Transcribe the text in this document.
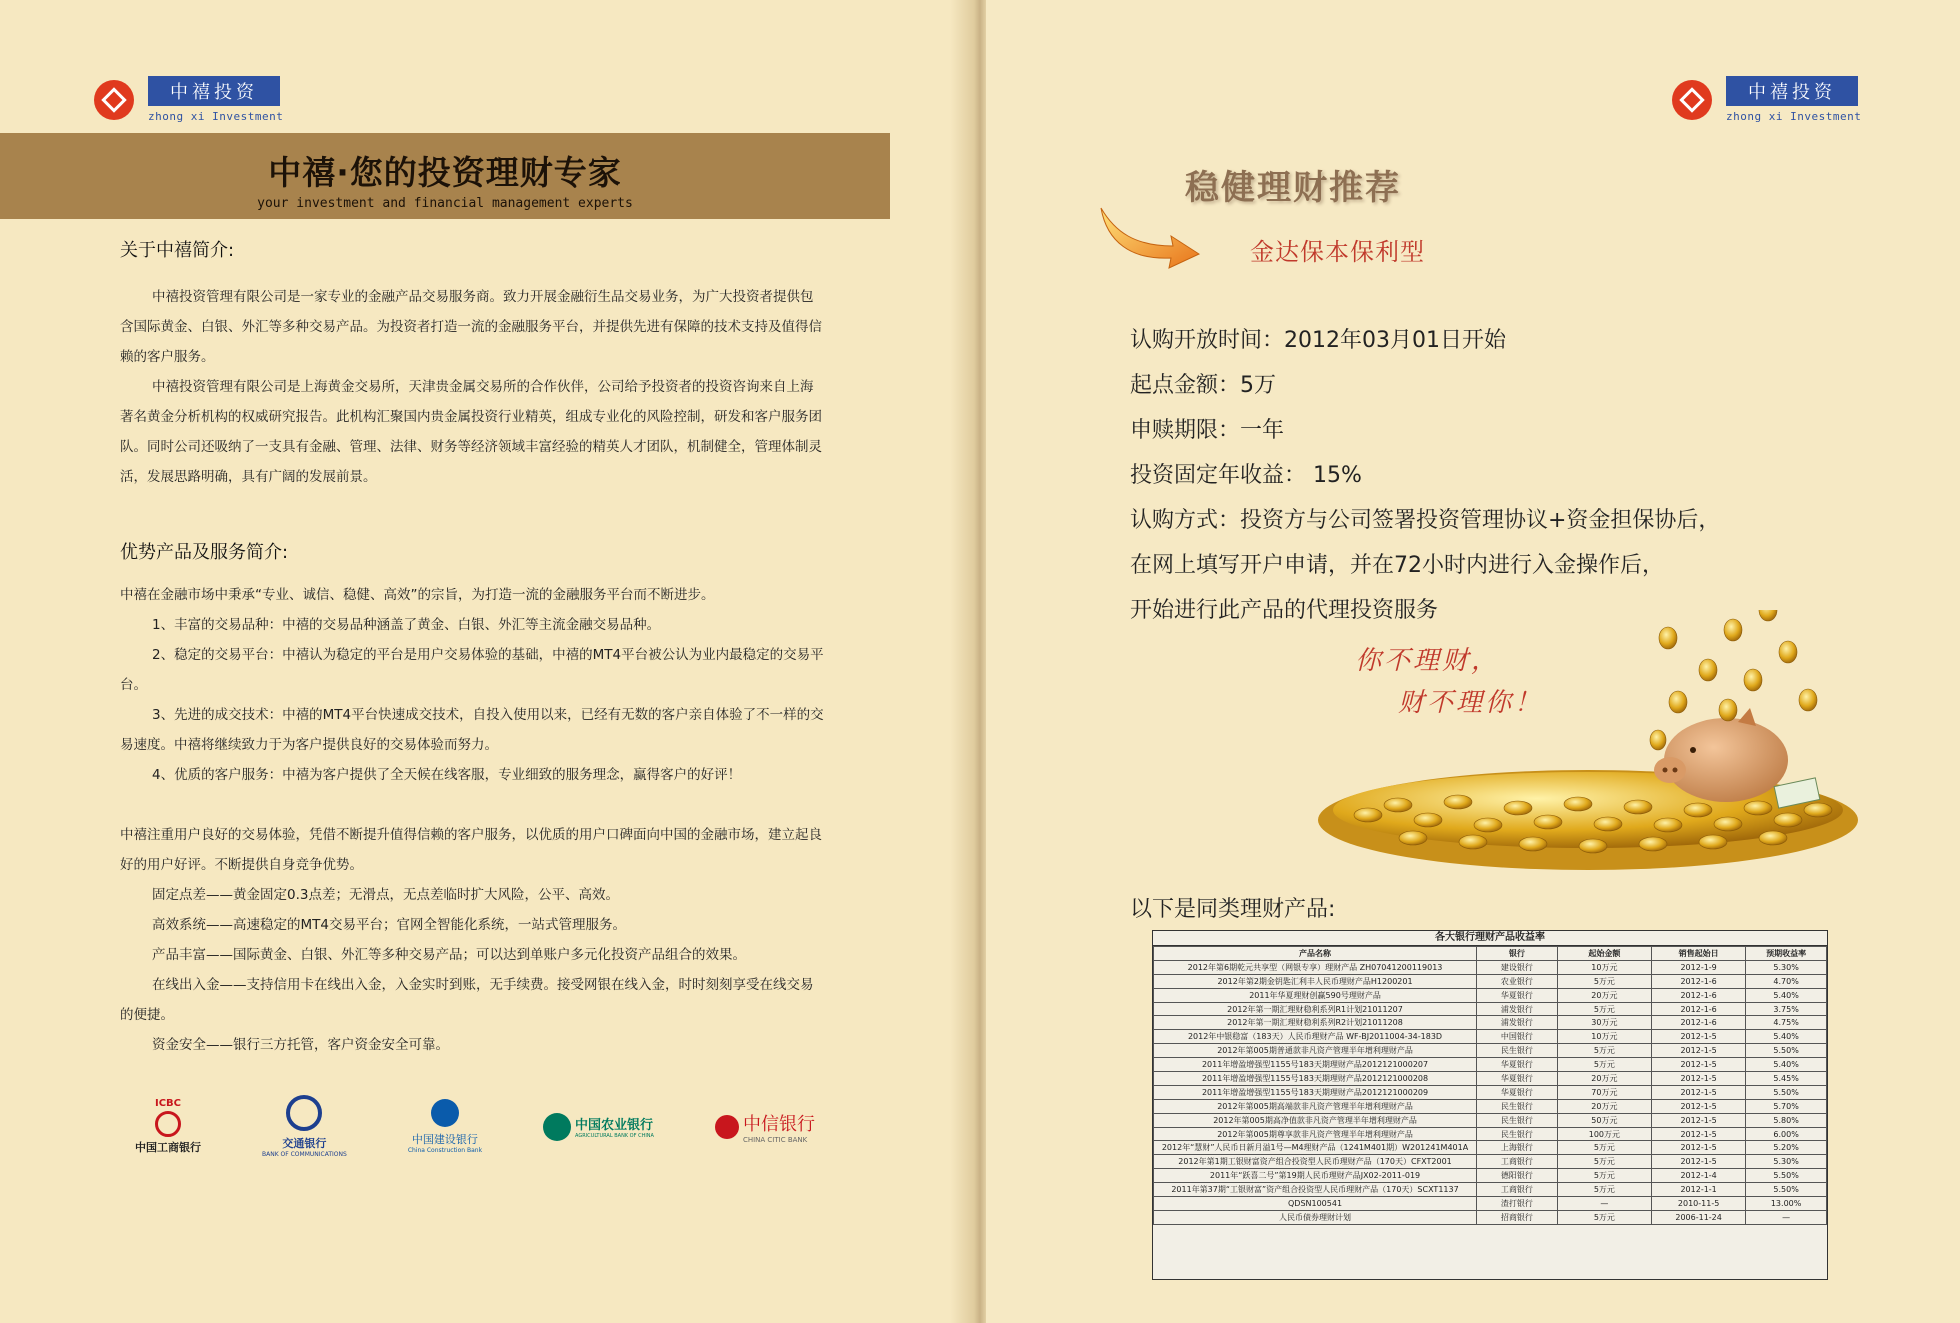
中禧投资
zhong xi Investment
中禧·您的投资理财专家
your investment and financial management experts
关于中禧简介:

中禧投资管理有限公司是一家专业的金融产品交易服务商。致力开展金融衍生品交易业务，为广大投资者提供包含国际黄金、白银、外汇等多种交易产品。为投资者打造一流的金融服务平台，并提供先进有保障的技术支持及值得信赖的客户服务。

中禧投资管理有限公司是上海黄金交易所，天津贵金属交易所的合作伙伴，公司给予投资者的投资咨询来自上海著名黄金分析机构的权威研究报告。此机构汇聚国内贵金属投资行业精英，组成专业化的风险控制，研发和客户服务团队。同时公司还吸纳了一支具有金融、管理、法律、财务等经济领域丰富经验的精英人才团队，机制健全，管理体制灵活，发展思路明确，具有广阔的发展前景。

优势产品及服务简介:

中禧在金融市场中秉承“专业、诚信、稳健、高效”的宗旨，为打造一流的金融服务平台而不断进步。

1、丰富的交易品种：中禧的交易品种涵盖了黄金、白银、外汇等主流金融交易品种。

2、稳定的交易平台：中禧认为稳定的平台是用户交易体验的基础，中禧的MT4平台被公认为业内最稳定的交易平台。

3、先进的成交技术：中禧的MT4平台快速成交技术，自投入使用以来，已经有无数的客户亲自体验了不一样的交易速度。中禧将继续致力于为客户提供良好的交易体验而努力。

4、优质的客户服务：中禧为客户提供了全天候在线客服，专业细致的服务理念，赢得客户的好评！

中禧注重用户良好的交易体验，凭借不断提升值得信赖的客户服务，以优质的用户口碑面向中国的金融市场，建立起良好的用户好评。不断提供自身竞争优势。

固定点差——黄金固定0.3点差；无滑点，无点差临时扩大风险，公平、高效。

高效系统——高速稳定的MT4交易平台；官网全智能化系统，一站式管理服务。

产品丰富——国际黄金、白银、外汇等多种交易产品；可以达到单账户多元化投资产品组合的效果。

在线出入金——支持信用卡在线出入金，入金实时到账，无手续费。接受网银在线入金，时时刻刻享受在线交易的便捷。

资金安全——银行三方托管，客户资金安全可靠。

ICBC
中国工商银行	交通银行
BANK OF COMMUNICATIONS
中国建设银行
China Construction Bank
中国农业银行
AGRICULTURAL BANK OF CHINA
中信银行
CHINA CITIC BANK
中禧投资
zhong xi Investment
稳健理财推荐
金达保本保利型
认购开放时间：2012年03月01日开始
起点金额：5万
申赎期限：一年
投资固定年收益： 15%
认购方式：投资方与公司签署投资管理协议+资金担保协后，
在网上填写开户申请，并在72小时内进行入金操作后，
开始进行此产品的代理投资服务
你不理财，
财不理你！
以下是同类理财产品:
各大银行理财产品收益率
产品名称	银行	起始金额	销售起始日	预期收益率
2012年第6期乾元共享型（网银专享）理财产品 ZH07041200119013	建设银行	10万元	2012-1-9	5.30%
2012年第2期金钥匙汇利丰人民币理财产品H1200201	农业银行	5万元	2012-1-6	4.70%
2011年华夏理财创赢590号理财产品	华夏银行	20万元	2012-1-6	5.40%
2012年第一期汇理财稳利系列R1计划21011207	浦发银行	5万元	2012-1-6	3.75%
2012年第一期汇理财稳利系列R2计划21011208	浦发银行	30万元	2012-1-6	4.75%
2012年中银稳富（183天）人民币理财产品 WF-BJ2011004-34-183D	中国银行	10万元	2012-1-5	5.40%
2012年第005期普通款非凡资产管理半年增利理财产品	民生银行	5万元	2012-1-5	5.50%
2011年增盈增强型1155号183天期理财产品2012121000207	华夏银行	5万元	2012-1-5	5.40%
2011年增盈增强型1155号183天期理财产品2012121000208	华夏银行	20万元	2012-1-5	5.45%
2011年增盈增强型1155号183天期理财产品2012121000209	华夏银行	70万元	2012-1-5	5.50%
2012年第005期高端款非凡资产管理半年增利理财产品	民生银行	20万元	2012-1-5	5.70%
2012年第005期高净值款非凡资产管理半年增利理财产品	民生银行	50万元	2012-1-5	5.80%
2012年第005期尊享款非凡资产管理半年增利理财产品	民生银行	100万元	2012-1-5	6.00%
2012年“慧财”人民币日新月溢1号—M4理财产品（1241M401期）W201241M401A	上海银行	5万元	2012-1-5	5.20%
2012年第1期工银财富资产组合投资型人民币理财产品（170天）CFXT2001	工商银行	5万元	2012-1-5	5.30%
2011年“跃喜二号”第19期人民币理财产品JX02-2011-019	德阳银行	5万元	2012-1-4	5.50%
2011年第37期“工银财富”资产组合投资型人民币理财产品（170天）SCXT1137	工商银行	5万元	2012-1-1	5.50%
QDSN100541	渣打银行	—	2010-11-5	13.00%
人民币债券理财计划	招商银行	5万元	2006-11-24	—
